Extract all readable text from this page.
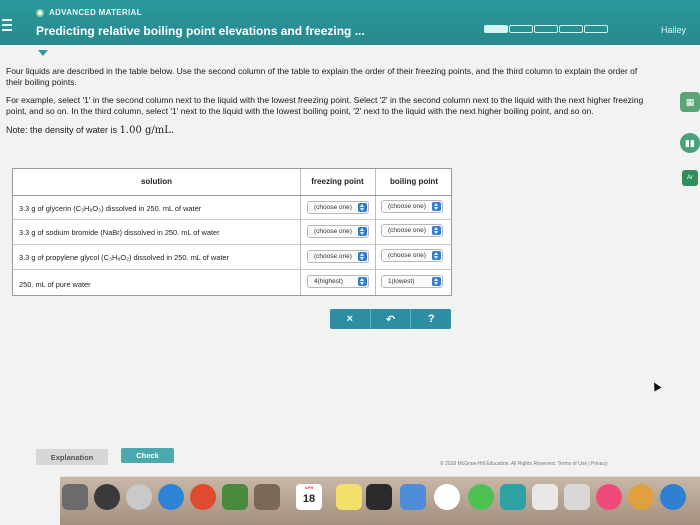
ADVANCED MATERIAL
Predicting relative boiling point elevations and freezing ...	Hailey

Four liquids are described in the table below. Use the second column of the table to explain the order of their freezing points, and the third column to explain the order of their boiling points.

For example, select '1' in the second column next to the liquid with the lowest freezing point. Select '2' in the second column next to the liquid with the next higher freezing point, and so on. In the third column, select '1' next to the liquid with the lowest boiling point, '2' next to the liquid with the next higher boiling point, and so on.

Note: the density of water is 1.00 g/mL.

solution	freezing point	boiling point
3.3 g of glycerin (C₃H₈O₃) dissolved in 250. mL of water	(choose one)	(choose one)
3.3 g of sodium bromide (NaBr) dissolved in 250. mL of water	(choose one)	(choose one)
3.3 g of propylene glycol (C₃H₈O₂) dissolved in 250. mL of water	(choose one)	(choose one)
250. mL of pure water	4(highest)	1(lowest)
×	↶	?
▦
▮▮
Ar
Explanation	Check
© 2018 McGraw-Hill Education. All Rights Reserved. Terms of Use | Privacy
APR
18
